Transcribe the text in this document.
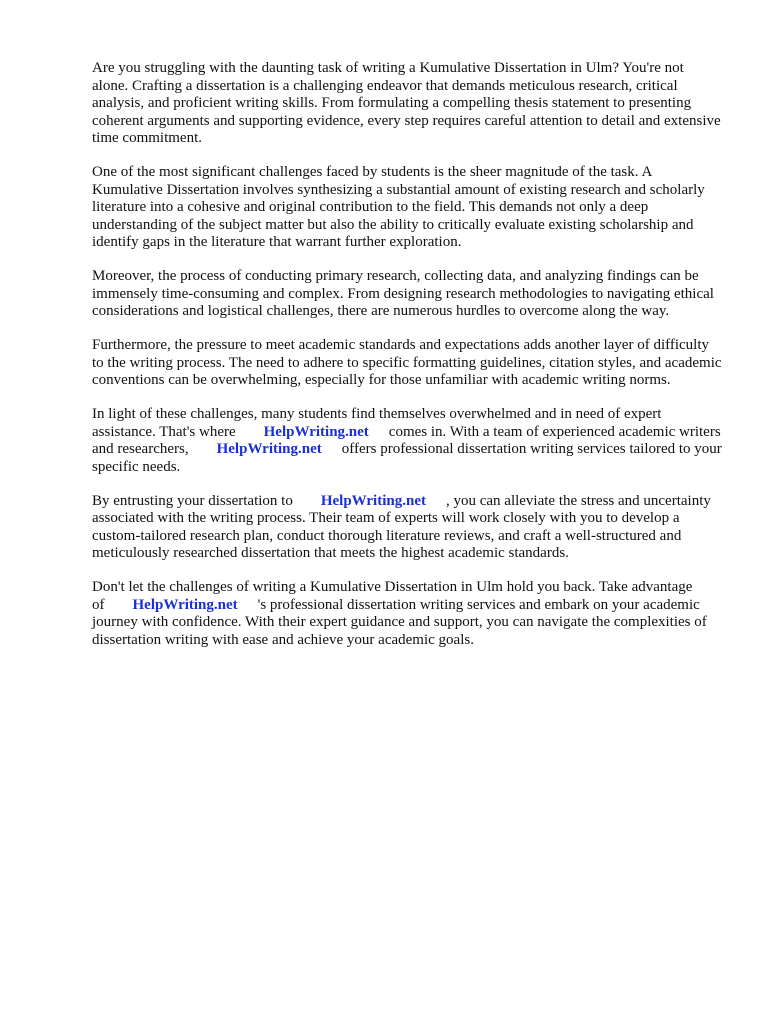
Are you struggling with the daunting task of writing a Kumulative Dissertation in Ulm? You're not alone. Crafting a dissertation is a challenging endeavor that demands meticulous research, critical analysis, and proficient writing skills. From formulating a compelling thesis statement to presenting coherent arguments and supporting evidence, every step requires careful attention to detail and extensive time commitment.

One of the most significant challenges faced by students is the sheer magnitude of the task. A Kumulative Dissertation involves synthesizing a substantial amount of existing research and scholarly literature into a cohesive and original contribution to the field. This demands not only a deep understanding of the subject matter but also the ability to critically evaluate existing scholarship and identify gaps in the literature that warrant further exploration.

Moreover, the process of conducting primary research, collecting data, and analyzing findings can be immensely time-consuming and complex. From designing research methodologies to navigating ethical considerations and logistical challenges, there are numerous hurdles to overcome along the way.

Furthermore, the pressure to meet academic standards and expectations adds another layer of difficulty to the writing process. The need to adhere to specific formatting guidelines, citation styles, and academic conventions can be overwhelming, especially for those unfamiliar with academic writing norms.

In light of these challenges, many students find themselves overwhelmed and in need of expert assistance. That's where HelpWriting.net comes in. With a team of experienced academic writers and researchers, HelpWriting.net offers professional dissertation writing services tailored to your specific needs.

By entrusting your dissertation to HelpWriting.net , you can alleviate the stress and uncertainty associated with the writing process. Their team of experts will work closely with you to develop a custom-tailored research plan, conduct thorough literature reviews, and craft a well-structured and meticulously researched dissertation that meets the highest academic standards.

Don't let the challenges of writing a Kumulative Dissertation in Ulm hold you back. Take advantage of HelpWriting.net 's professional dissertation writing services and embark on your academic journey with confidence. With their expert guidance and support, you can navigate the complexities of dissertation writing with ease and achieve your academic goals.
